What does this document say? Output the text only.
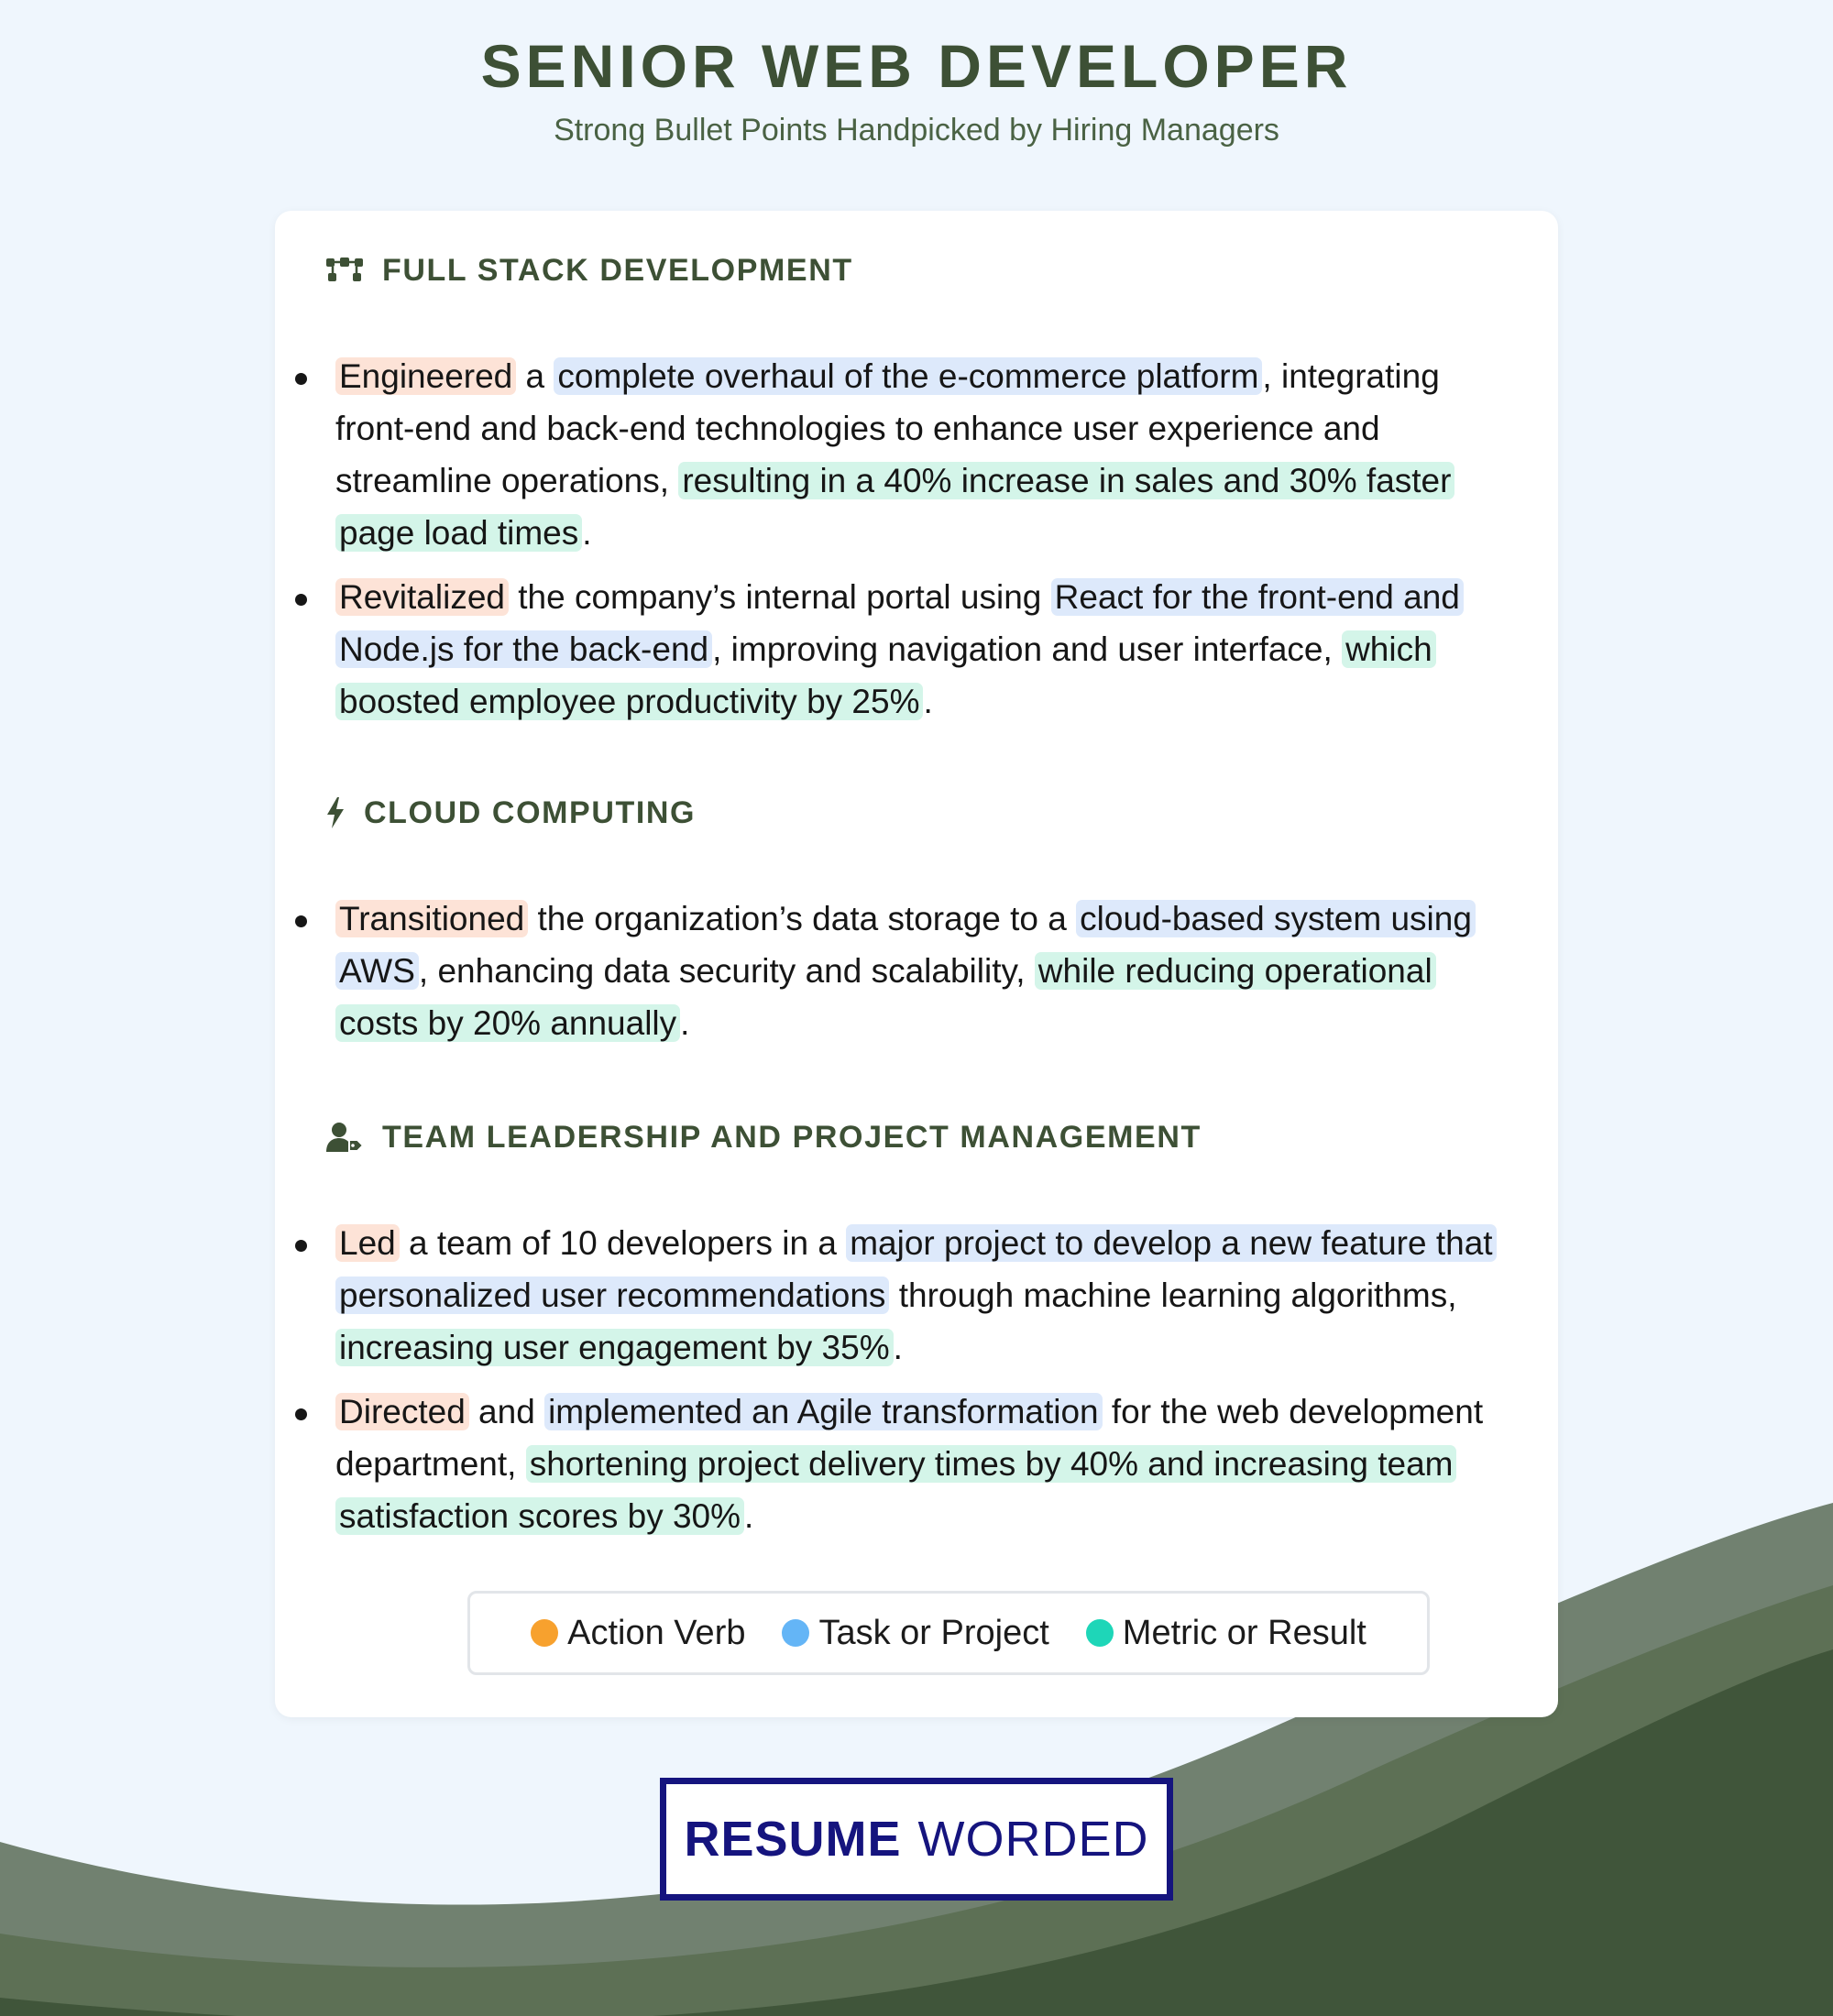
SENIOR WEB DEVELOPER
Strong Bullet Points Handpicked by Hiring Managers
FULL STACK DEVELOPMENT
Engineered a complete overhaul of the e-commerce platform , integrating front-end and back-end technologies to enhance user experience and streamline operations, resulting in a 40% increase in sales and 30% faster page load times .
Revitalized the company’s internal portal using React for the front-end and Node.js for the back-end , improving navigation and user interface, which boosted employee productivity by 25% .
CLOUD COMPUTING
Transitioned the organization’s data storage to a cloud-based system using AWS , enhancing data security and scalability, while reducing operational costs by 20% annually .
TEAM LEADERSHIP AND PROJECT MANAGEMENT
Led a team of 10 developers in a major project to develop a new feature that personalized user recommendations through machine learning algorithms, increasing user engagement by 35% .
Directed and implemented an Agile transformation for the web development department, shortening project delivery times by 40% and increasing team satisfaction scores by 30% .
Action Verb Task or Project Metric or Result
RESUME WORDED
